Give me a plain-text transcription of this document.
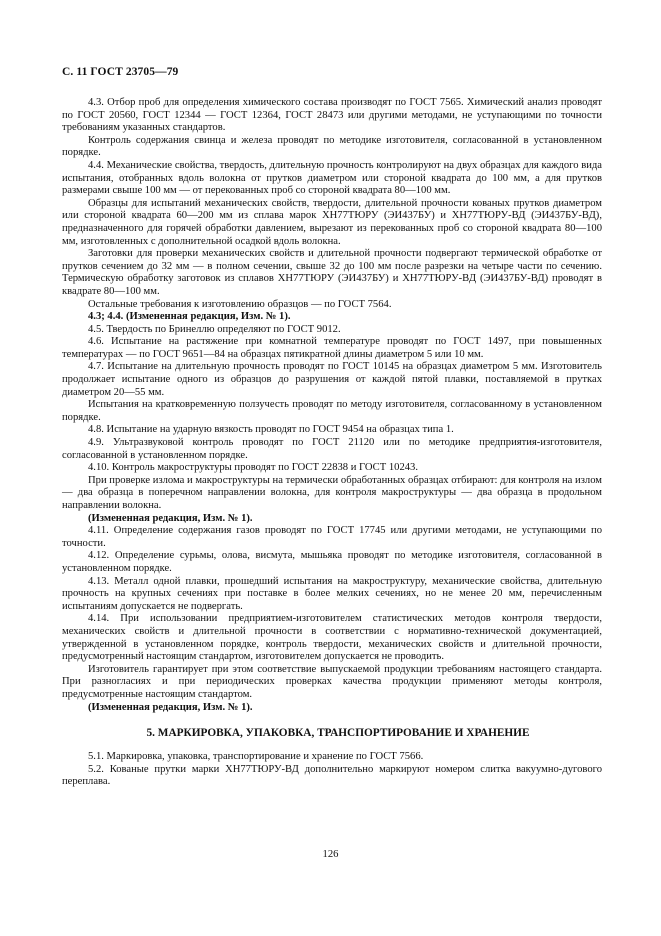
С. 11 ГОСТ 23705—79

4.3. Отбор проб для определения химического состава производят по ГОСТ 7565. Химический анализ проводят по ГОСТ 20560, ГОСТ 12344 — ГОСТ 12364, ГОСТ 28473 или другими методами, не уступающими по точности требованиям указанных стандартов.

Контроль содержания свинца и железа проводят по методике изготовителя, согласованной в установленном порядке.

4.4. Механические свойства, твердость, длительную прочность контролируют на двух образцах для каждого вида испытания, отобранных вдоль волокна от прутков диаметром или стороной квадрата до 100 мм, а для прутков размерами свыше 100 мм — от перекованных проб со стороной квадрата 80—100 мм.

Образцы для испытаний механических свойств, твердости, длительной прочности кованых прутков диаметром или стороной квадрата 60—200 мм из сплава марок ХН77ТЮРУ (ЭИ437БУ) и ХН77ТЮРУ-ВД (ЭИ437БУ-ВД), предназначенного для горячей обработки давлением, вырезают из перекованных проб со стороной квадрата 80—100 мм, изготовленных с дополнительной осадкой вдоль волокна.

Заготовки для проверки механических свойств и длительной прочности подвергают термической обработке от прутков сечением до 32 мм — в полном сечении, свыше 32 до 100 мм после разрезки на четыре части по сечению. Термическую обработку заготовок из сплавов ХН77ТЮРУ (ЭИ437БУ) и ХН77ТЮРУ-ВД (ЭИ437БУ-ВД) проводят в квадрате 80—100 мм.

Остальные требования к изготовлению образцов — по ГОСТ 7564.

4.3; 4.4. (Измененная редакция, Изм. № 1).

4.5. Твердость по Бринеллю определяют по ГОСТ 9012.

4.6. Испытание на растяжение при комнатной температуре проводят по ГОСТ 1497, при повышенных температурах — по ГОСТ 9651—84 на образцах пятикратной длины диаметром 5 или 10 мм.

4.7. Испытание на длительную прочность проводят по ГОСТ 10145 на образцах диаметром 5 мм. Изготовитель продолжает испытание одного из образцов до разрушения от каждой пятой плавки, поставляемой в прутках диаметром 20—55 мм.

Испытания на кратковременную ползучесть проводят по методу изготовителя, согласованному в установленном порядке.

4.8. Испытание на ударную вязкость проводят по ГОСТ 9454 на образцах типа 1.

4.9. Ультразвуковой контроль проводят по ГОСТ 21120 или по методике предприятия-изготовителя, согласованной в установленном порядке.

4.10. Контроль макроструктуры проводят по ГОСТ 22838 и ГОСТ 10243.

При проверке излома и макроструктуры на термически обработанных образцах отбирают: для контроля на излом — два образца в поперечном направлении волокна, для контроля макроструктуры — два образца в продольном направлении волокна.

(Измененная редакция, Изм. № 1).

4.11. Определение содержания газов проводят по ГОСТ 17745 или другими методами, не уступающими по точности.

4.12. Определение сурьмы, олова, висмута, мышьяка проводят по методике изготовителя, согласованной в установленном порядке.

4.13. Металл одной плавки, прошедший испытания на макроструктуру, механические свойства, длительную прочность на крупных сечениях при поставке в более мелких сечениях, но не менее 20 мм, перечисленным испытаниям допускается не подвергать.

4.14. При использовании предприятием-изготовителем статистических методов контроля твердости, механических свойств и длительной прочности в соответствии с нормативно-технической документацией, утвержденной в установленном порядке, контроль твердости, механических свойств и длительной прочности, предусмотренный настоящим стандартом, изготовителем допускается не проводить.

Изготовитель гарантирует при этом соответствие выпускаемой продукции требованиям настоящего стандарта. При разногласиях и при периодических проверках качества продукции применяют методы контроля, предусмотренные настоящим стандартом.

(Измененная редакция, Изм. № 1).

5. МАРКИРОВКА, УПАКОВКА, ТРАНСПОРТИРОВАНИЕ И ХРАНЕНИЕ

5.1. Маркировка, упаковка, транспортирование и хранение по ГОСТ 7566.

5.2. Кованые прутки марки ХН77ТЮРУ-ВД дополнительно маркируют номером слитка вакуумно-дугового переплава.

126
